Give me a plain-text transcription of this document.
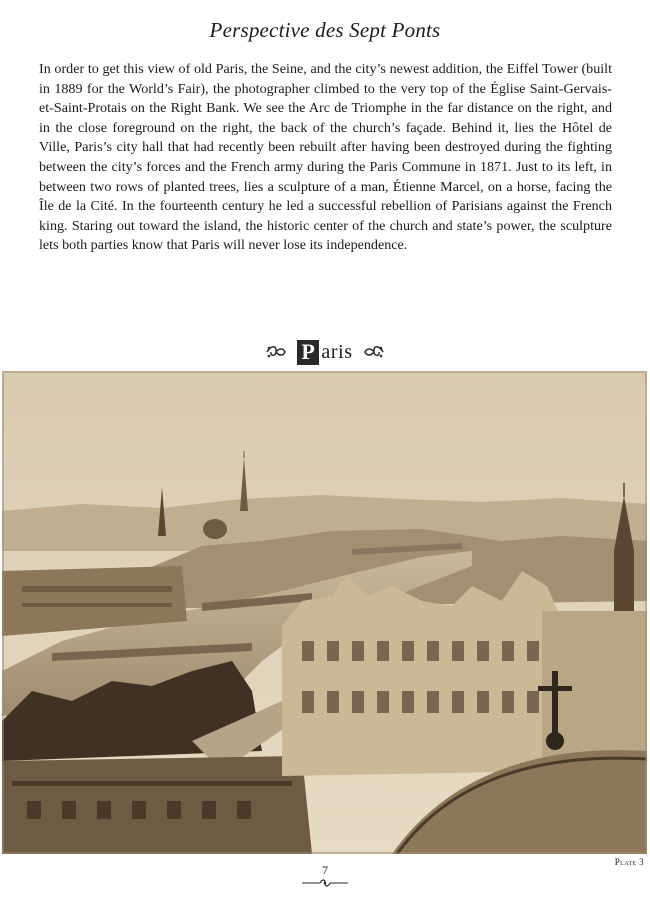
Perspective des Sept Ponts

In order to get this view of old Paris, the Seine, and the city’s newest addition, the Eiffel Tower (built in 1889 for the World’s Fair), the photographer climbed to the very top of the Église Saint-Gervais-et-Saint-Protais on the Right Bank. We see the Arc de Triomphe in the far distance on the right, and in the close foreground on the right, the back of the church’s façade. Behind it, lies the Hôtel de Ville, Paris’s city hall that had recently been rebuilt after having been destroyed during the fighting between the city’s forces and the French army during the Paris Commune in 1871. Just to its left, in between two rows of planted trees, lies a sculpture of a man, Étienne Marcel, on a horse, facing the Île de la Cité. In the fourteenth century he led a successful rebellion of Parisians against the French king. Staring out toward the island, the historic center of the church and state’s power, the sculpture lets both parties know that Paris will never lose its independence.

P aris
Plate 3
7
